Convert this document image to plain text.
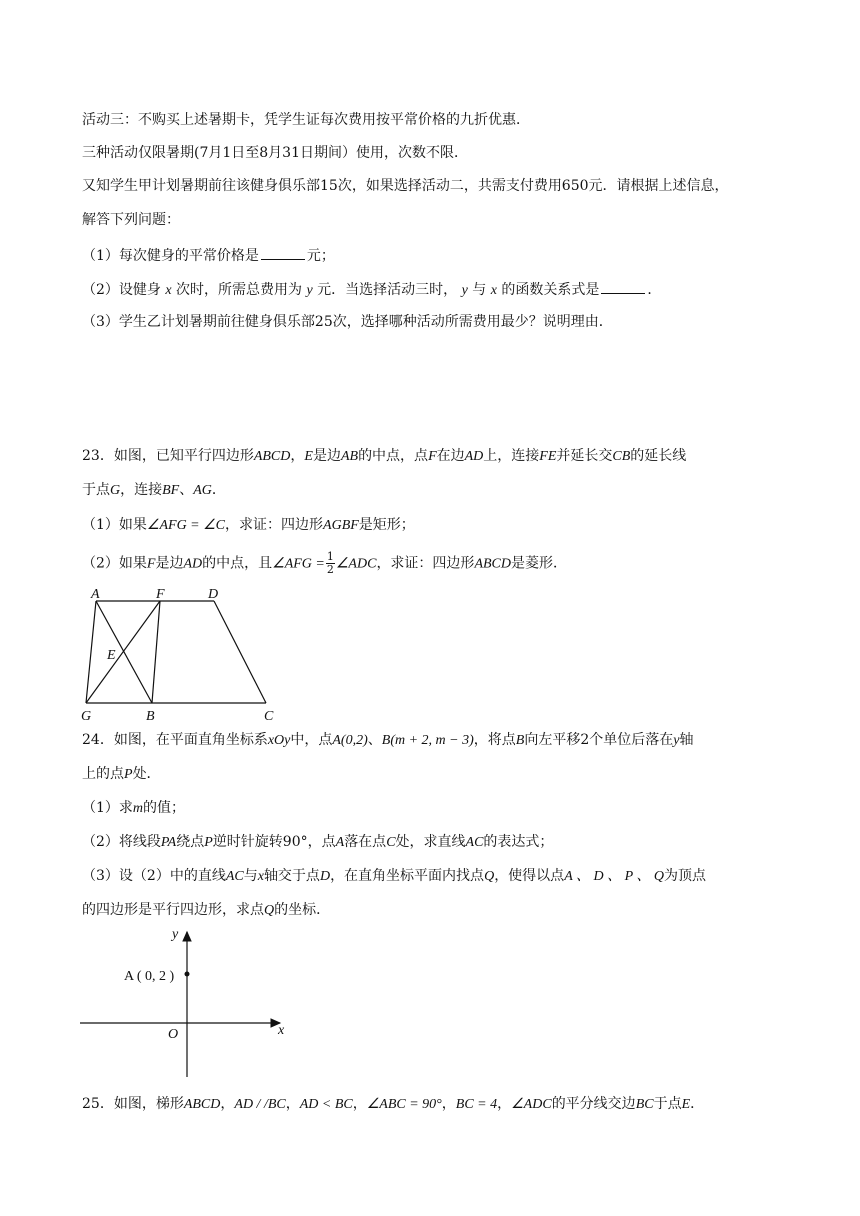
活动三：不购买上述暑期卡，凭学生证每次费用按平常价格的九折优惠．
三种活动仅限暑期(7月1日至8月31日期间）使用，次数不限．
又知学生甲计划暑期前往该健身俱乐部15次，如果选择活动二，共需支付费用650元．请根据上述信息，
解答下列问题：
（1）每次健身的平常价格是	元；
（2）设健身 x 次时，所需总费用为 y 元．当选择活动三时， y 与 x 的函数关系式是	．
（3）学生乙计划暑期前往健身俱乐部25次，选择哪种活动所需费用最少？说明理由．
23．如图，已知平行四边形ABCD，E是边AB的中点，点F在边AD上，连接FE并延长交CB的延长线
于点G，连接BF、AG．
（1）如果∠AFG = ∠C，求证：四边形AGBF是矩形；
（2）如果F是边AD的中点，且∠AFG = $\frac{1}{2}$ ∠ADC，求证：四边形ABCD是菱形．
A	F	D
E
G	B	C
24．如图，在平面直角坐标系xOy中，点A(0,2)、B(m + 2, m − 3)，将点B向左平移2个单位后落在y轴
上的点P处．
（1）求m的值；
（2）将线段PA绕点P逆时针旋转90°，点A落在点C处，求直线AC的表达式；
（3）设（2）中的直线AC与x轴交于点D，在直角坐标平面内找点Q，使得以点A 、 D 、 P 、 Q为顶点
的四边形是平行四边形，求点Q的坐标．
y
x
O
A ( 0, 2 )
25．如图，梯形ABCD，AD / /BC，AD < BC，∠ABC = 90°，BC = 4，∠ADC的平分线交边BC于点E．
